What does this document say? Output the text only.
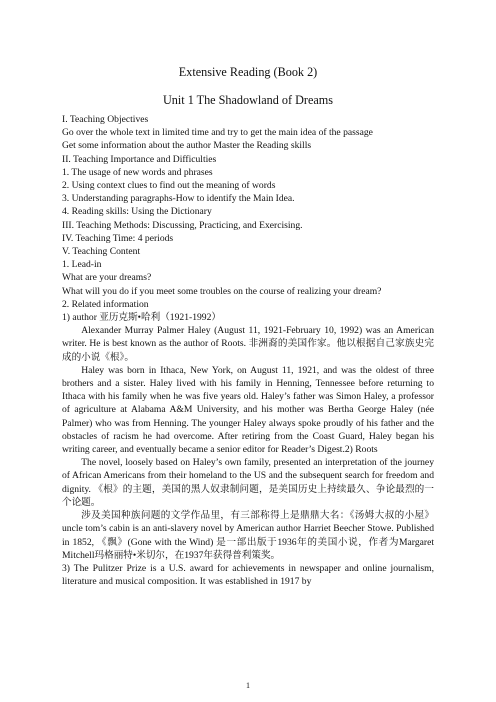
Extensive Reading (Book 2)
Unit 1 The Shadowland of Dreams
I. Teaching Objectives
Go over the whole text in limited time and try to get the main idea of the passage
Get some information about the author Master the Reading skills
II. Teaching Importance and Difficulties
1. The usage of new words and phrases
2. Using context clues to find out the meaning of words
3. Understanding paragraphs-How to identify the Main Idea.
4. Reading skills: Using the Dictionary
III. Teaching Methods: Discussing, Practicing, and Exercising.
IV. Teaching Time: 4 periods
V. Teaching Content
1. Lead-in
What are your dreams?
What will you do if you meet some troubles on the course of realizing your dream?
2. Related information
1) author 亚历克斯•哈利（1921-1992）

Alexander Murray Palmer Haley (August 11, 1921-February 10, 1992) was an American writer. He is best known as the author of Roots. 非洲裔的美国作家。他以根据自己家族史完成的小说《根》。

Haley was born in Ithaca, New York, on August 11, 1921, and was the oldest of three brothers and a sister. Haley lived with his family in Henning, Tennessee before returning to Ithaca with his family when he was five years old. Haley’s father was Simon Haley, a professor of agriculture at Alabama A&M University, and his mother was Bertha George Haley (née Palmer) who was from Henning. The younger Haley always spoke proudly of his father and the obstacles of racism he had overcome. After retiring from the Coast Guard, Haley began his writing career, and eventually became a senior editor for Reader’s Digest.2) Roots

The novel, loosely based on Haley’s own family, presented an interpretation of the journey of African Americans from their homeland to the US and the subsequent search for freedom and dignity. 《根》的主题，美国的黑人奴隶制问题，是美国历史上持续最久、争论最烈的一个论题。

涉及美国种族问题的文学作品里，有三部称得上是鼎鼎大名：《汤姆大叔的小屋》uncle tom’s cabin is an anti-slavery novel by American author Harriet Beecher Stowe. Published in 1852, 《飘》(Gone with the Wind) 是一部出版于1936年的美国小说，作者为Margaret　Mitchell玛格丽特•米切尔，在1937年获得普利策奖。

3) The Pulitzer Prize is a U.S. award for achievements in newspaper and online journalism, literature and musical composition. It was established in 1917 by

1
